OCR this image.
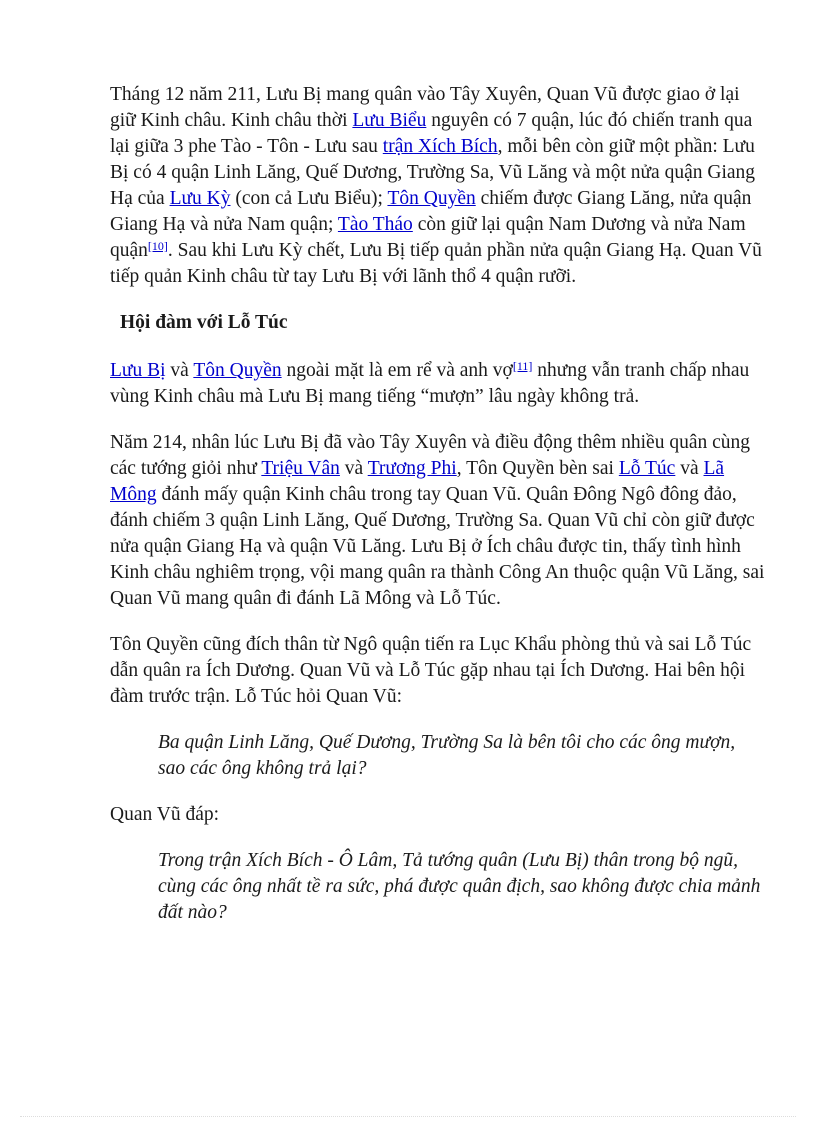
Tháng 12 năm 211, Lưu Bị mang quân vào Tây Xuyên, Quan Vũ được giao ở lại giữ Kinh châu. Kinh châu thời Lưu Biểu nguyên có 7 quận, lúc đó chiến tranh qua lại giữa 3 phe Tào - Tôn - Lưu sau trận Xích Bích, mỗi bên còn giữ một phần: Lưu Bị có 4 quận Linh Lăng, Quế Dương, Trường Sa, Vũ Lăng và một nửa quận Giang Hạ của Lưu Kỳ (con cả Lưu Biểu); Tôn Quyền chiếm được Giang Lăng, nửa quận Giang Hạ và nửa Nam quận; Tào Tháo còn giữ lại quận Nam Dương và nửa Nam quận[10]. Sau khi Lưu Kỳ chết, Lưu Bị tiếp quản phần nửa quận Giang Hạ. Quan Vũ tiếp quản Kinh châu từ tay Lưu Bị với lãnh thổ 4 quận rưỡi.

Hội đàm với Lỗ Túc

Lưu Bị và Tôn Quyền ngoài mặt là em rể và anh vợ[11] nhưng vẫn tranh chấp nhau vùng Kinh châu mà Lưu Bị mang tiếng “mượn” lâu ngày không trả.

Năm 214, nhân lúc Lưu Bị đã vào Tây Xuyên và điều động thêm nhiều quân cùng các tướng giỏi như Triệu Vân và Trương Phi, Tôn Quyền bèn sai Lỗ Túc và Lã Mông đánh mấy quận Kinh châu trong tay Quan Vũ. Quân Đông Ngô đông đảo, đánh chiếm 3 quận Linh Lăng, Quế Dương, Trường Sa. Quan Vũ chỉ còn giữ được nửa quận Giang Hạ và quận Vũ Lăng. Lưu Bị ở Ích châu được tin, thấy tình hình Kinh châu nghiêm trọng, vội mang quân ra thành Công An thuộc quận Vũ Lăng, sai Quan Vũ mang quân đi đánh Lã Mông và Lỗ Túc.

Tôn Quyền cũng đích thân từ Ngô quận tiến ra Lục Khẩu phòng thủ và sai Lỗ Túc dẫn quân ra Ích Dương. Quan Vũ và Lỗ Túc gặp nhau tại Ích Dương. Hai bên hội đàm trước trận. Lỗ Túc hỏi Quan Vũ:

Ba quận Linh Lăng, Quế Dương, Trường Sa là bên tôi cho các ông mượn, sao các ông không trả lại?

Quan Vũ đáp:

Trong trận Xích Bích - Ô Lâm, Tả tướng quân (Lưu Bị) thân trong bộ ngũ, cùng các ông nhất tề ra sức, phá được quân địch, sao không được chia mảnh đất nào?
